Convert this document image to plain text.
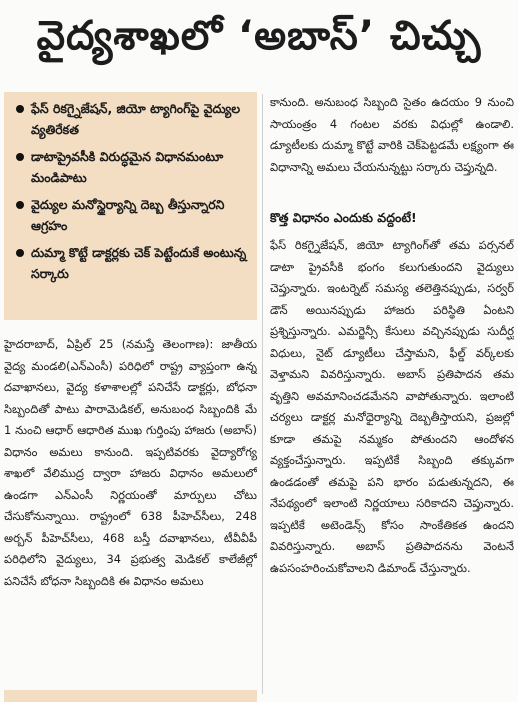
వైద్యశాఖలో ‘అబాస్’ చిచ్చు
ఫేస్ రికగ్నైజేషన్, జియో ట్యాగింగ్‌పై వైద్యుల వ్యతిరేకత
డాటాప్రైవసీకి విరుద్ధమైన విధానమంటూ మండిపాటు
వైద్యుల మనోస్థైర్యాన్ని దెబ్బ తీస్తున్నారని ఆగ్రహం
దుమ్మా కొట్టే డాక్టర్లకు చెక్ పెట్టేందుకే అంటున్న సర్కారు
హైదరాబాద్, ఏప్రిల్ 25 (నమస్తే తెలంగాణ): జాతీయ వైద్య మండలి(ఎన్ఎంసీ) పరిధిలో రాష్ట్ర వ్యాప్తంగా ఉన్న దవాఖానలు, వైద్య కళాశాలల్లో పనిచేసే డాక్టర్లు, బోధనా సిబ్బందితో పాటు పారామెడికల్, అనుబంధ సిబ్బందికి మే 1 నుంచి ఆధార్ ఆధారిత ముఖ గుర్తింపు హాజరు (అబాస్) విధానం అమలు కానుంది. ఇప్పటివరకు వైద్యారోగ్య శాఖలో వేలిముద్ర ద్వారా హాజరు విధానం అమలులో ఉండగా ఎన్ఎంసీ నిర్ణయంతో మార్పులు చోటు చేసుకోనున్నాయి. రాష్ట్రంలో 638 పీహెచ్‌సీలు, 248 అర్బన్ పీహెచ్‌సీలు, 468 బస్తీ దవాఖానలు, టీవీవీపీ పరిధిలోని వైద్యులు, 34 ప్రభుత్వ మెడికల్ కాలేజీల్లో పనిచేసే బోధనా సిబ్బందికి ఈ విధానం అమలు
కానుంది. అనుబంధ సిబ్బంది సైతం ఉదయం 9 నుంచి సాయంత్రం 4 గంటల వరకు విధుల్లో ఉండాలి. డ్యూటీలకు దుమ్మా కొట్టే వారికి చెక్‌పెట్టడమే లక్ష్యంగా ఈ విధానాన్ని అమలు చేయనున్నట్టు సర్కారు చెప్తున్నది.
కొత్త విధానం ఎందుకు వద్దంటే!
ఫేస్ రికగ్నైజేషన్, జియో ట్యాగింగ్‌తో తమ పర్సనల్ డాటా ప్రైవసీకి భంగం కలుగుతుందని వైద్యులు చెప్తున్నారు. ఇంటర్నెట్ సమస్య తలెత్తినప్పుడు, సర్వర్ డౌన్ అయినప్పుడు హాజరు పరిస్థితి ఏంటని ప్రశ్నిస్తున్నారు. ఎమర్జెన్సీ కేసులు వచ్చినప్పుడు సుదీర్ఘ విధులు, నైట్ డ్యూటీలు చేస్తామని, ఫీల్డ్ వర్క్‌లకు వెళ్తామని వివరిస్తున్నారు. అబాస్ ప్రతిపాదన తమ వృత్తిని అవమానించడమేనని వాపోతున్నారు. ఇలాంటి చర్యలు డాక్టర్ల మనోధైర్యాన్ని దెబ్బతీస్తాయని, ప్రజల్లో కూడా తమపై నమ్మకం పోతుందని ఆందోళన వ్యక్తంచేస్తున్నారు. ఇప్పటికే సిబ్బంది తక్కువగా ఉండడంతో తమపై పని భారం పడుతున్నదని, ఈ నేపథ్యంలో ఇలాంటి నిర్ణయాలు సరికాదని చెప్తున్నారు. ఇప్పటికే అటెండెన్స్ కోసం సాంకేతికత ఉందని వివరిస్తున్నారు. అబాస్ ప్రతిపాదనను వెంటనే ఉపసంహరించుకోవాలని డిమాండ్ చేస్తున్నారు.
